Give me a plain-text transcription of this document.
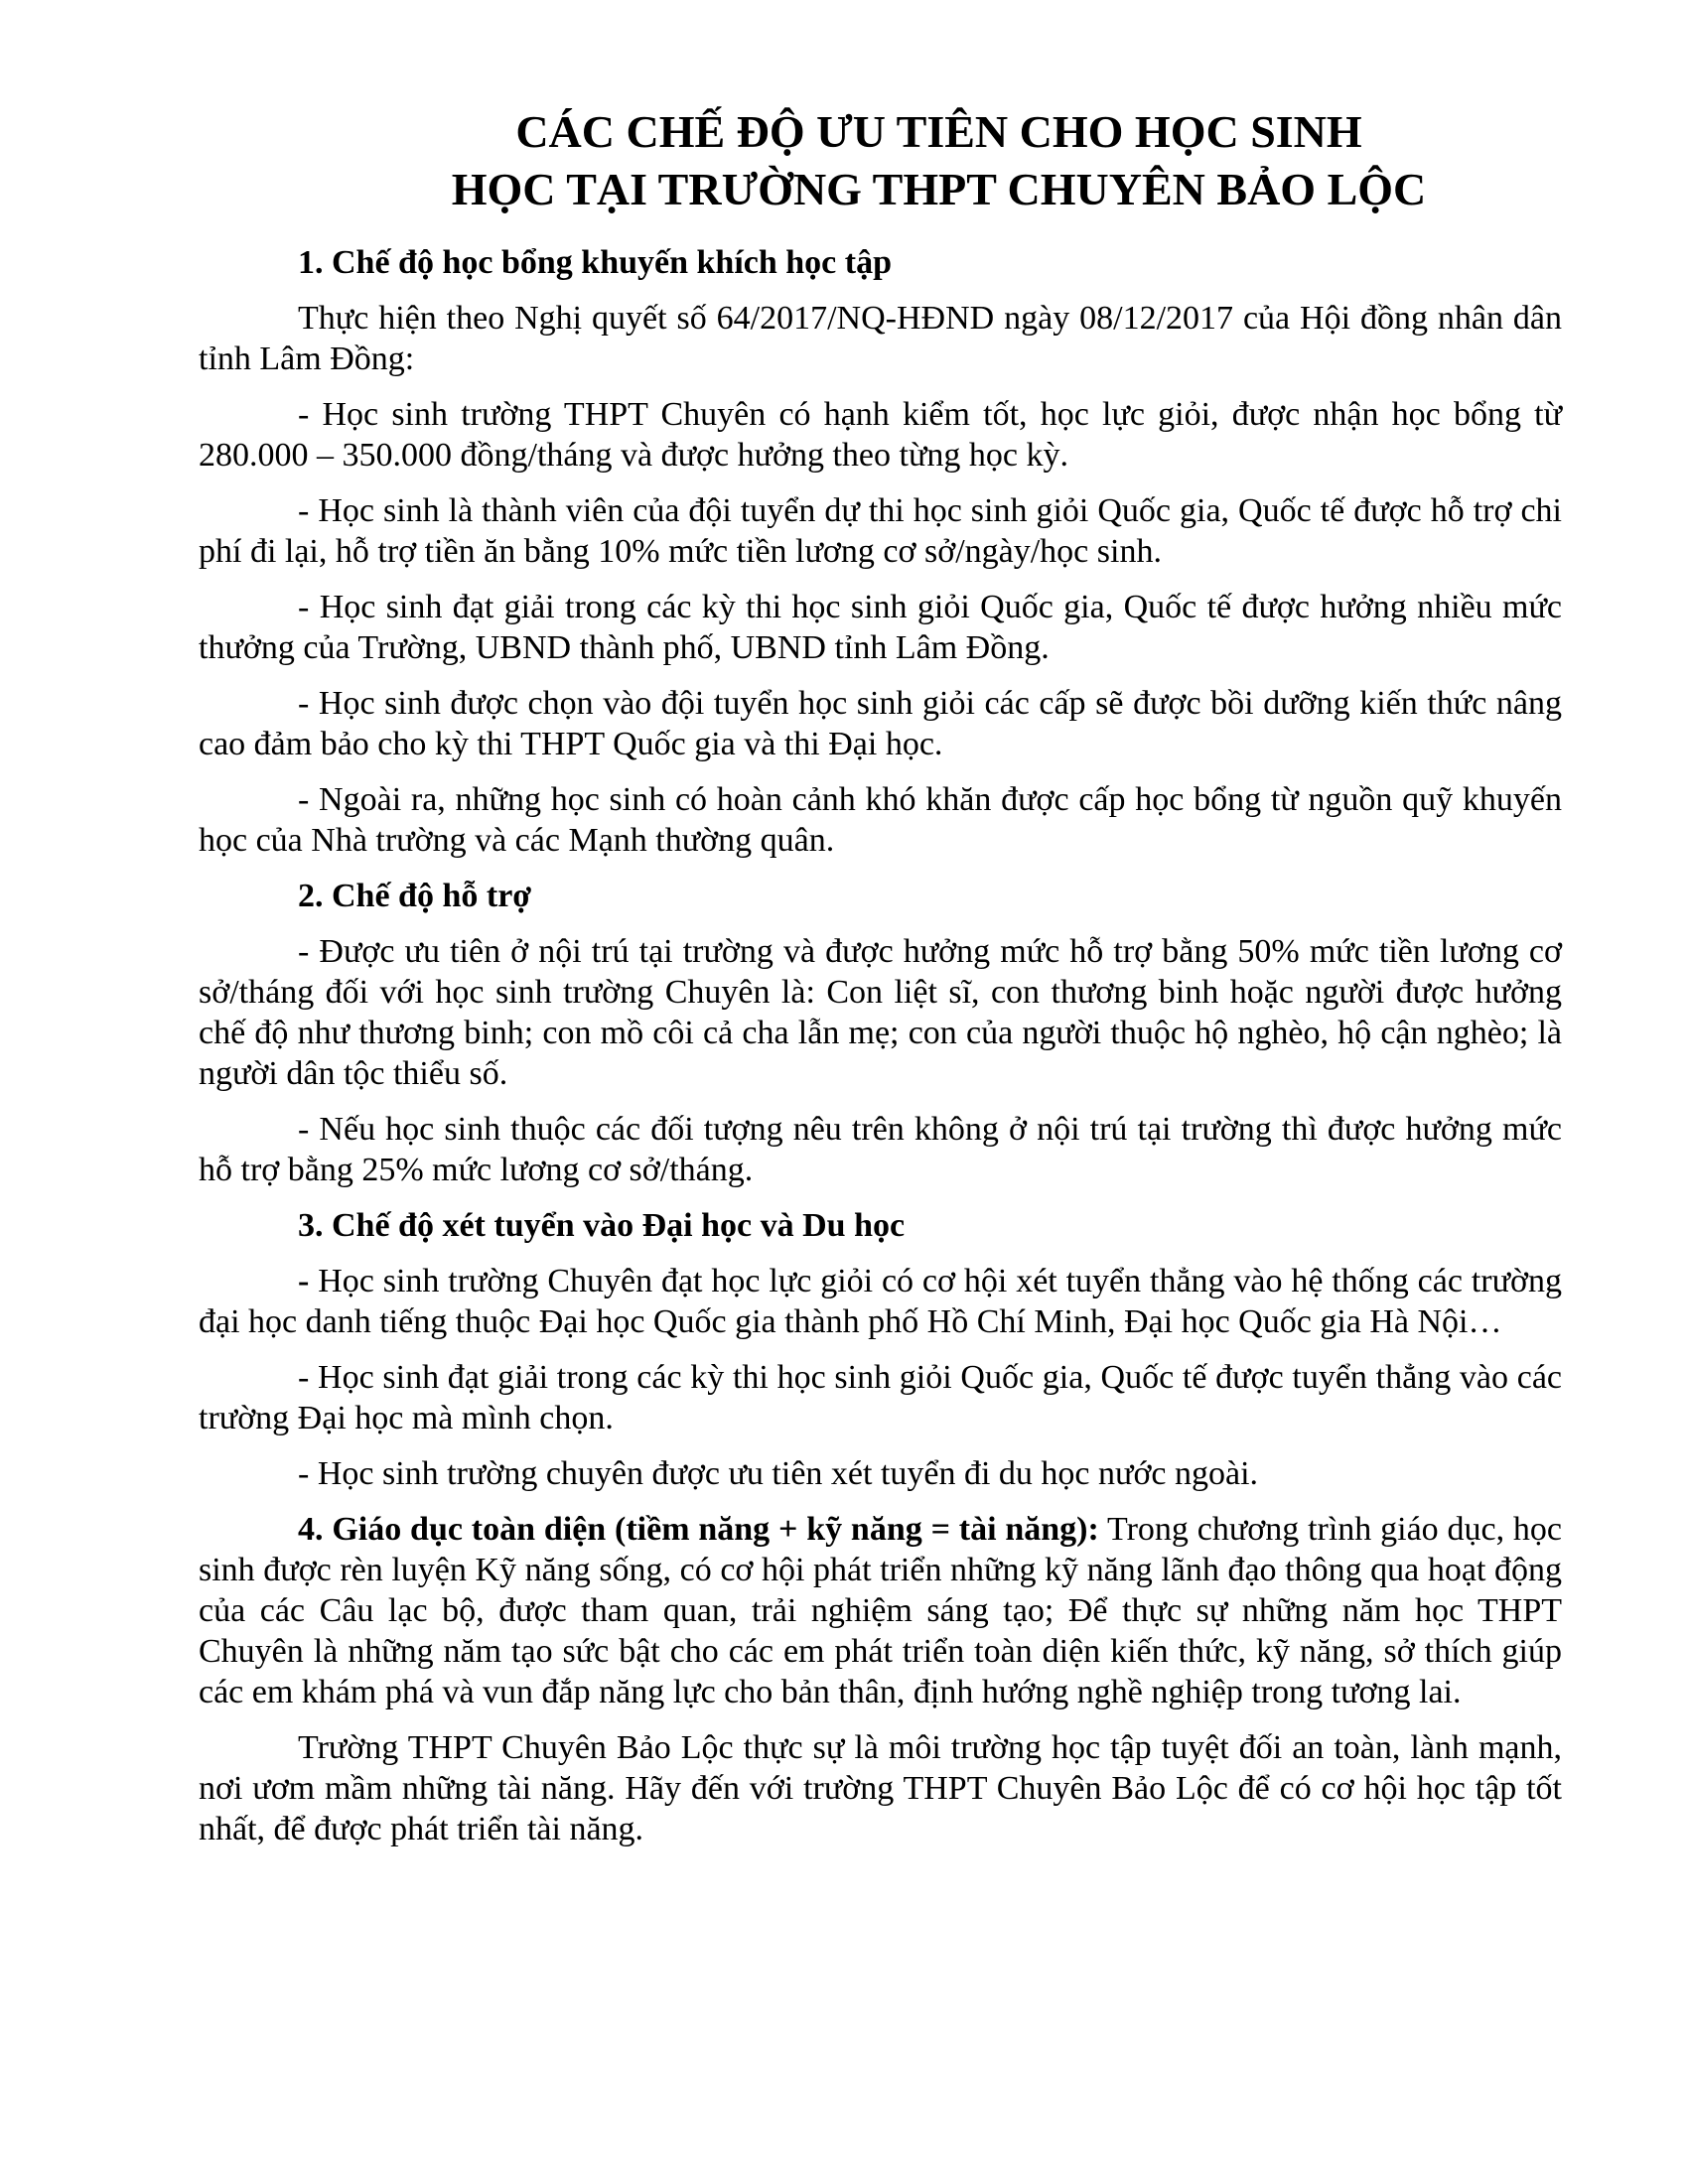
CÁC CHẾ ĐỘ ƯU TIÊN CHO HỌC SINH
HỌC TẠI TRƯỜNG THPT CHUYÊN BẢO LỘC

1. Chế độ học bổng khuyến khích học tập

Thực hiện theo Nghị quyết số 64/2017/NQ-HĐND ngày 08/12/2017 của Hội đồng nhân dân tỉnh Lâm Đồng:

- Học sinh trường THPT Chuyên có hạnh kiểm tốt, học lực giỏi, được nhận học bổng từ 280.000 – 350.000 đồng/tháng và được hưởng theo từng học kỳ.

- Học sinh là thành viên của đội tuyển dự thi học sinh giỏi Quốc gia, Quốc tế được hỗ trợ chi phí đi lại, hỗ trợ tiền ăn bằng 10% mức tiền lương cơ sở/ngày/học sinh.

- Học sinh đạt giải trong các kỳ thi học sinh giỏi Quốc gia, Quốc tế được hưởng nhiều mức thưởng của Trường, UBND thành phố, UBND tỉnh Lâm Đồng.

- Học sinh được chọn vào đội tuyển học sinh giỏi các cấp sẽ được bồi dưỡng kiến thức nâng cao đảm bảo cho kỳ thi THPT Quốc gia và thi Đại học.

- Ngoài ra, những học sinh có hoàn cảnh khó khăn được cấp học bổng từ nguồn quỹ khuyến học của Nhà trường và các Mạnh thường quân.

2. Chế độ hỗ trợ

- Được ưu tiên ở nội trú tại trường và được hưởng mức hỗ trợ bằng 50% mức tiền lương cơ sở/tháng đối với học sinh trường Chuyên là: Con liệt sĩ, con thương binh hoặc người được hưởng chế độ như thương binh; con mồ côi cả cha lẫn mẹ; con của người thuộc hộ nghèo, hộ cận nghèo; là người dân tộc thiểu số.

- Nếu học sinh thuộc các đối tượng nêu trên không ở nội trú tại trường thì được hưởng mức hỗ trợ bằng 25% mức lương cơ sở/tháng.

3. Chế độ xét tuyển vào Đại học và Du học

- Học sinh trường Chuyên đạt học lực giỏi có cơ hội xét tuyển thẳng vào hệ thống các trường đại học danh tiếng thuộc Đại học Quốc gia thành phố Hồ Chí Minh, Đại học Quốc gia Hà Nội…

- Học sinh đạt giải trong các kỳ thi học sinh giỏi Quốc gia, Quốc tế được tuyển thẳng vào các trường Đại học mà mình chọn.

- Học sinh trường chuyên được ưu tiên xét tuyển đi du học nước ngoài.

4. Giáo dục toàn diện (tiềm năng + kỹ năng = tài năng): Trong chương trình giáo dục, học sinh được rèn luyện Kỹ năng sống, có cơ hội phát triển những kỹ năng lãnh đạo thông qua hoạt động của các Câu lạc bộ, được tham quan, trải nghiệm sáng tạo; Để thực sự những năm học THPT Chuyên là những năm tạo sức bật cho các em phát triển toàn diện kiến thức, kỹ năng, sở thích giúp các em khám phá và vun đắp năng lực cho bản thân, định hướng nghề nghiệp trong tương lai.

Trường THPT Chuyên Bảo Lộc thực sự là môi trường học tập tuyệt đối an toàn, lành mạnh, nơi ươm mầm những tài năng. Hãy đến với trường THPT Chuyên Bảo Lộc để có cơ hội học tập tốt nhất, để được phát triển tài năng.
